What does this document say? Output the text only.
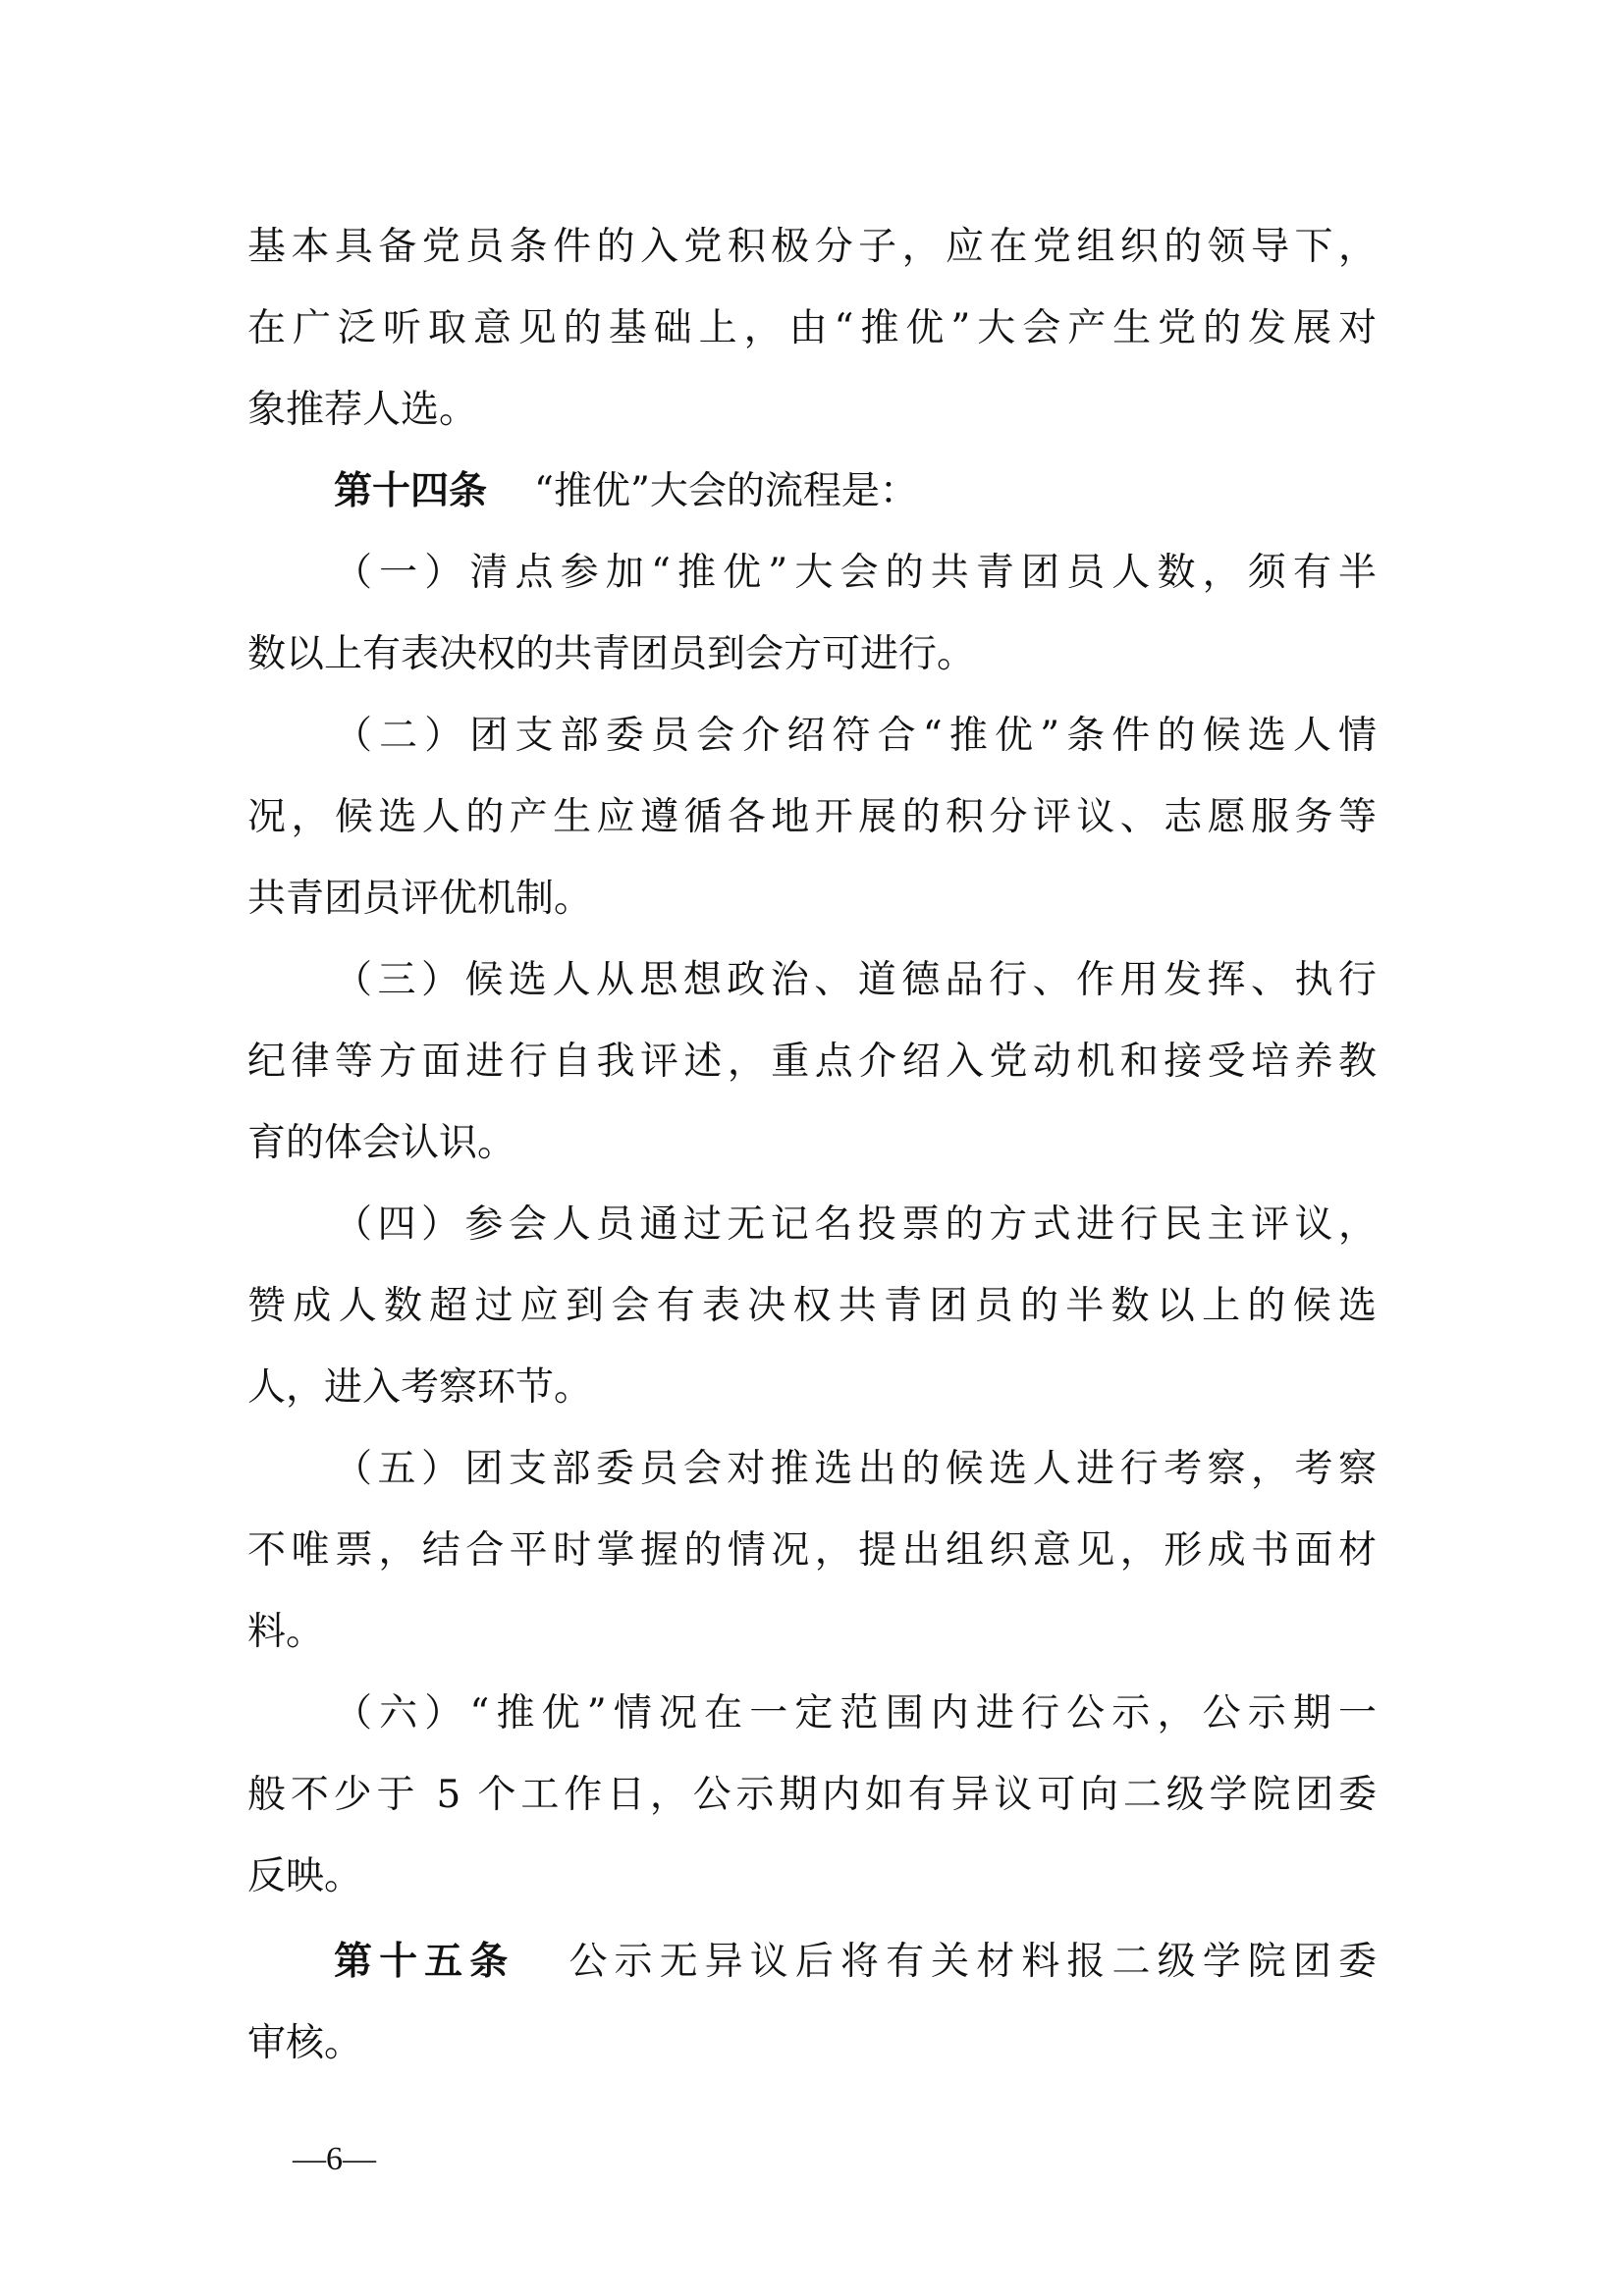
基本具备党员条件的入党积极分子，应在党组织的领导下，
在广泛听取意见的基础上，由“推优”大会产生党的发展对
象推荐人选。
第十四条 “推优”大会的流程是：
（一）清点参加“推优”大会的共青团员人数，须有半
数以上有表决权的共青团员到会方可进行。
（二）团支部委员会介绍符合“推优”条件的候选人情
况，候选人的产生应遵循各地开展的积分评议、志愿服务等
共青团员评优机制。
（三）候选人从思想政治、道德品行、作用发挥、执行
纪律等方面进行自我评述，重点介绍入党动机和接受培养教
育的体会认识。
（四）参会人员通过无记名投票的方式进行民主评议，
赞成人数超过应到会有表决权共青团员的半数以上的候选
人，进入考察环节。
（五）团支部委员会对推选出的候选人进行考察，考察
不唯票，结合平时掌握的情况，提出组织意见，形成书面材
料。
（六）“推优”情况在一定范围内进行公示，公示期一
般不少于 5 个工作日，公示期内如有异议可向二级学院团委
反映。
第十五条 公示无异议后将有关材料报二级学院团委
审核。
—6—
